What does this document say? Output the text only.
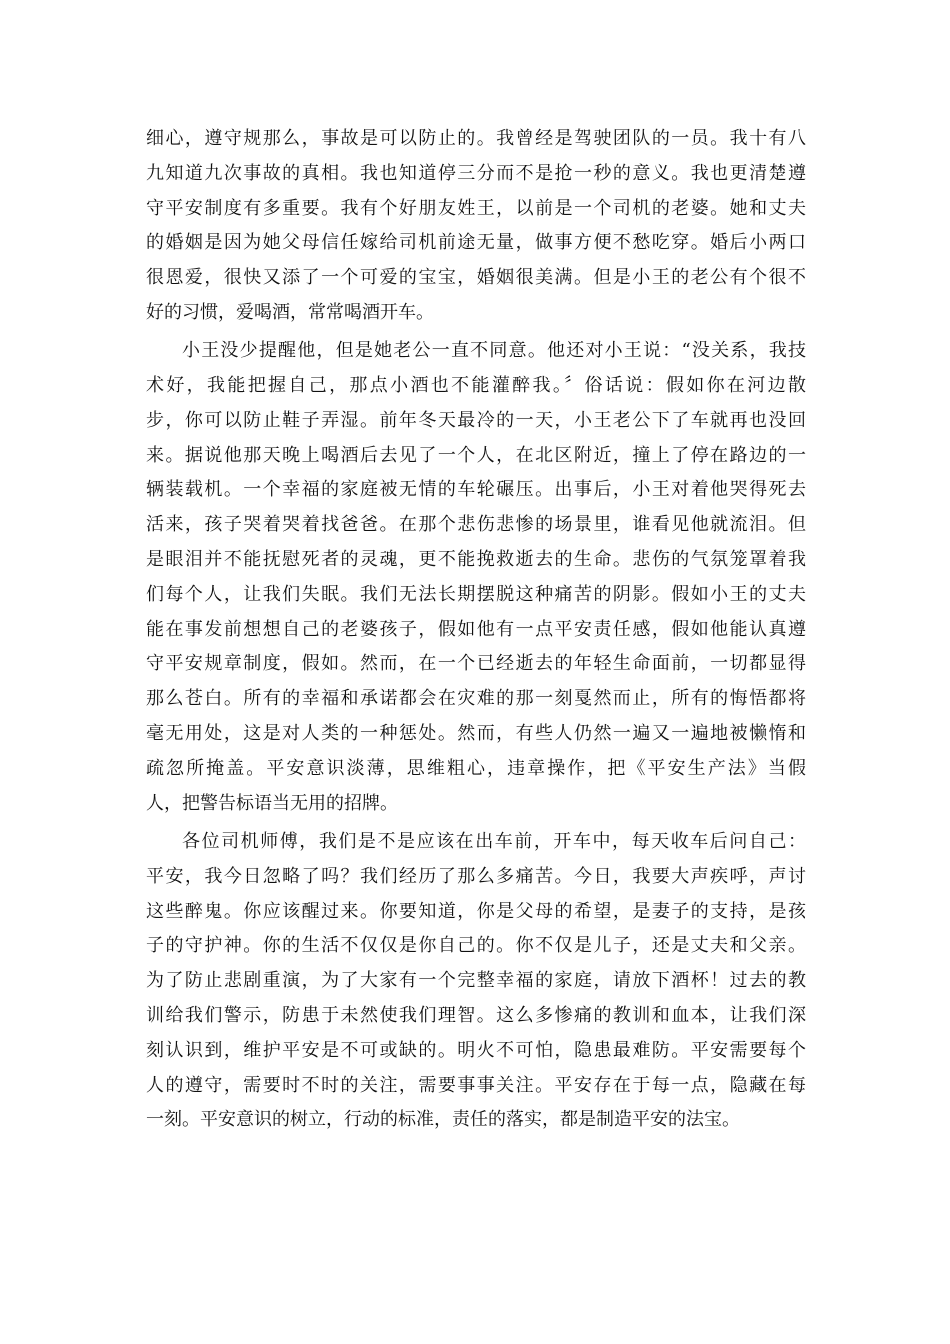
细心，遵守规那么，事故是可以防止的。我曾经是驾驶团队的一员。我十有八
九知道九次事故的真相。我也知道停三分而不是抢一秒的意义。我也更清楚遵
守平安制度有多重要。我有个好朋友姓王，以前是一个司机的老婆。她和丈夫
的婚姻是因为她父母信任嫁给司机前途无量，做事方便不愁吃穿。婚后小两口
很恩爱，很快又添了一个可爱的宝宝，婚姻很美满。但是小王的老公有个很不
好的习惯，爱喝酒，常常喝酒开车。
小王没少提醒他，但是她老公一直不同意。他还对小王说：“没关系，我技
术好，我能把握自己，那点小酒也不能灌醉我。〞俗话说：假如你在河边散
步，你可以防止鞋子弄湿。前年冬天最冷的一天，小王老公下了车就再也没回
来。据说他那天晚上喝酒后去见了一个人，在北区附近，撞上了停在路边的一
辆装载机。一个幸福的家庭被无情的车轮碾压。出事后，小王对着他哭得死去
活来，孩子哭着哭着找爸爸。在那个悲伤悲惨的场景里，谁看见他就流泪。但
是眼泪并不能抚慰死者的灵魂，更不能挽救逝去的生命。悲伤的气氛笼罩着我
们每个人，让我们失眠。我们无法长期摆脱这种痛苦的阴影。假如小王的丈夫
能在事发前想想自己的老婆孩子，假如他有一点平安责任感，假如他能认真遵
守平安规章制度，假如。然而，在一个已经逝去的年轻生命面前，一切都显得
那么苍白。所有的幸福和承诺都会在灾难的那一刻戛然而止，所有的悔悟都将
毫无用处，这是对人类的一种惩处。然而，有些人仍然一遍又一遍地被懒惰和
疏忽所掩盖。平安意识淡薄，思维粗心，违章操作，把《平安生产法》当假
人，把警告标语当无用的招牌。
各位司机师傅，我们是不是应该在出车前，开车中，每天收车后问自己：
平安，我今日忽略了吗？我们经历了那么多痛苦。今日，我要大声疾呼，声讨
这些醉鬼。你应该醒过来。你要知道，你是父母的希望，是妻子的支持，是孩
子的守护神。你的生活不仅仅是你自己的。你不仅是儿子，还是丈夫和父亲。
为了防止悲剧重演，为了大家有一个完整幸福的家庭，请放下酒杯！过去的教
训给我们警示，防患于未然使我们理智。这么多惨痛的教训和血本，让我们深
刻认识到，维护平安是不可或缺的。明火不可怕，隐患最难防。平安需要每个
人的遵守，需要时不时的关注，需要事事关注。平安存在于每一点，隐藏在每
一刻。平安意识的树立，行动的标准，责任的落实，都是制造平安的法宝。
